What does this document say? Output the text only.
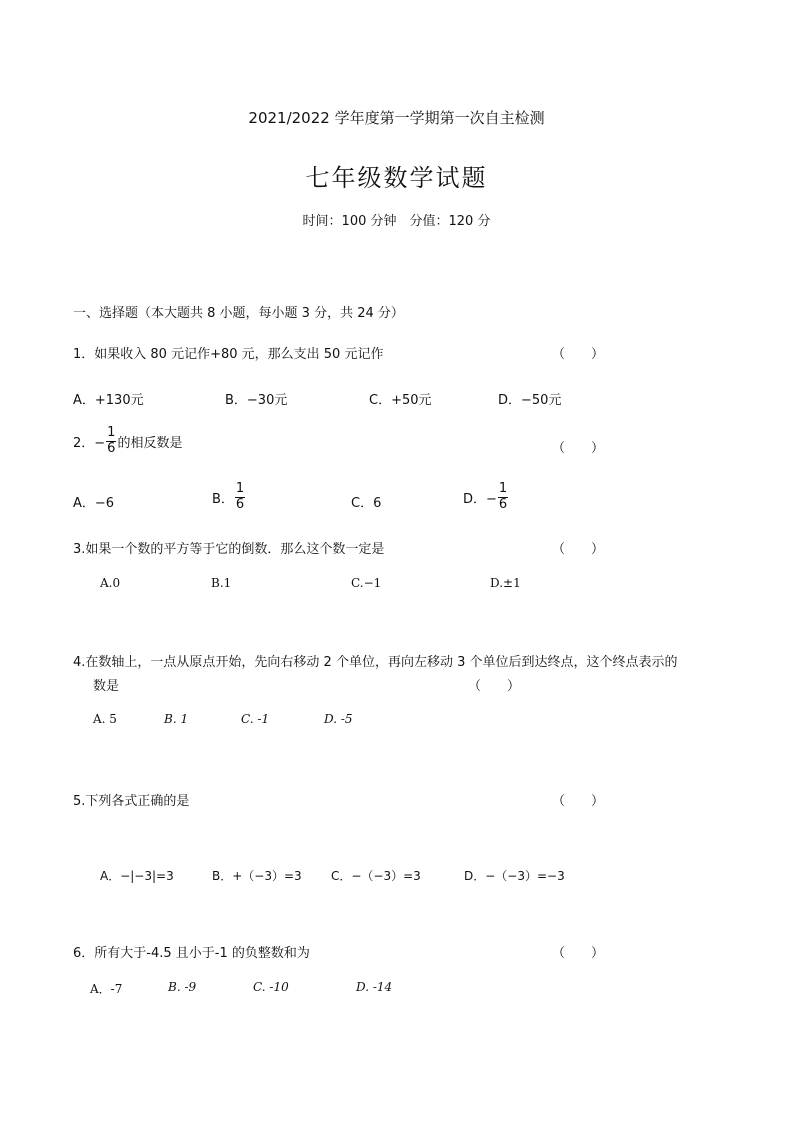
2021/2022 学年度第一学期第一次自主检测
七年级数学试题
时间：100 分钟　分值：120 分
一、选择题（本大题共 8 小题，每小题 3 分，共 24 分）
1．如果收入 80 元记作+80 元，那么支出 50 元记作	（　　）
A．+130元	B．−30元	C．+50元	D．−50元
2．− $\frac{1}{6}$ 的相反数是	（　　）
A．−6	B． $\frac{1}{6}$	C．6	D．− $\frac{1}{6}$
3.如果一个数的平方等于它的倒数．那么这个数一定是	（　　）
A.0	B.1	C.−1	D.±1
4.在数轴上，一点从原点开始，先向右移动 2 个单位，再向左移动 3 个单位后到达终点，这个终点表示的
数是	（　　）
A. 5	B. 1	C. -1	D. -5
5.下列各式正确的是	（　　）
A．−|−3|=3	B．+（−3）=3 C．−（−3）=3	D．−（−3）=−3
6．所有大于-4.5 且小于-1 的负整数和为	（　　）
A．-7	B. -9	C. -10	D. -14
